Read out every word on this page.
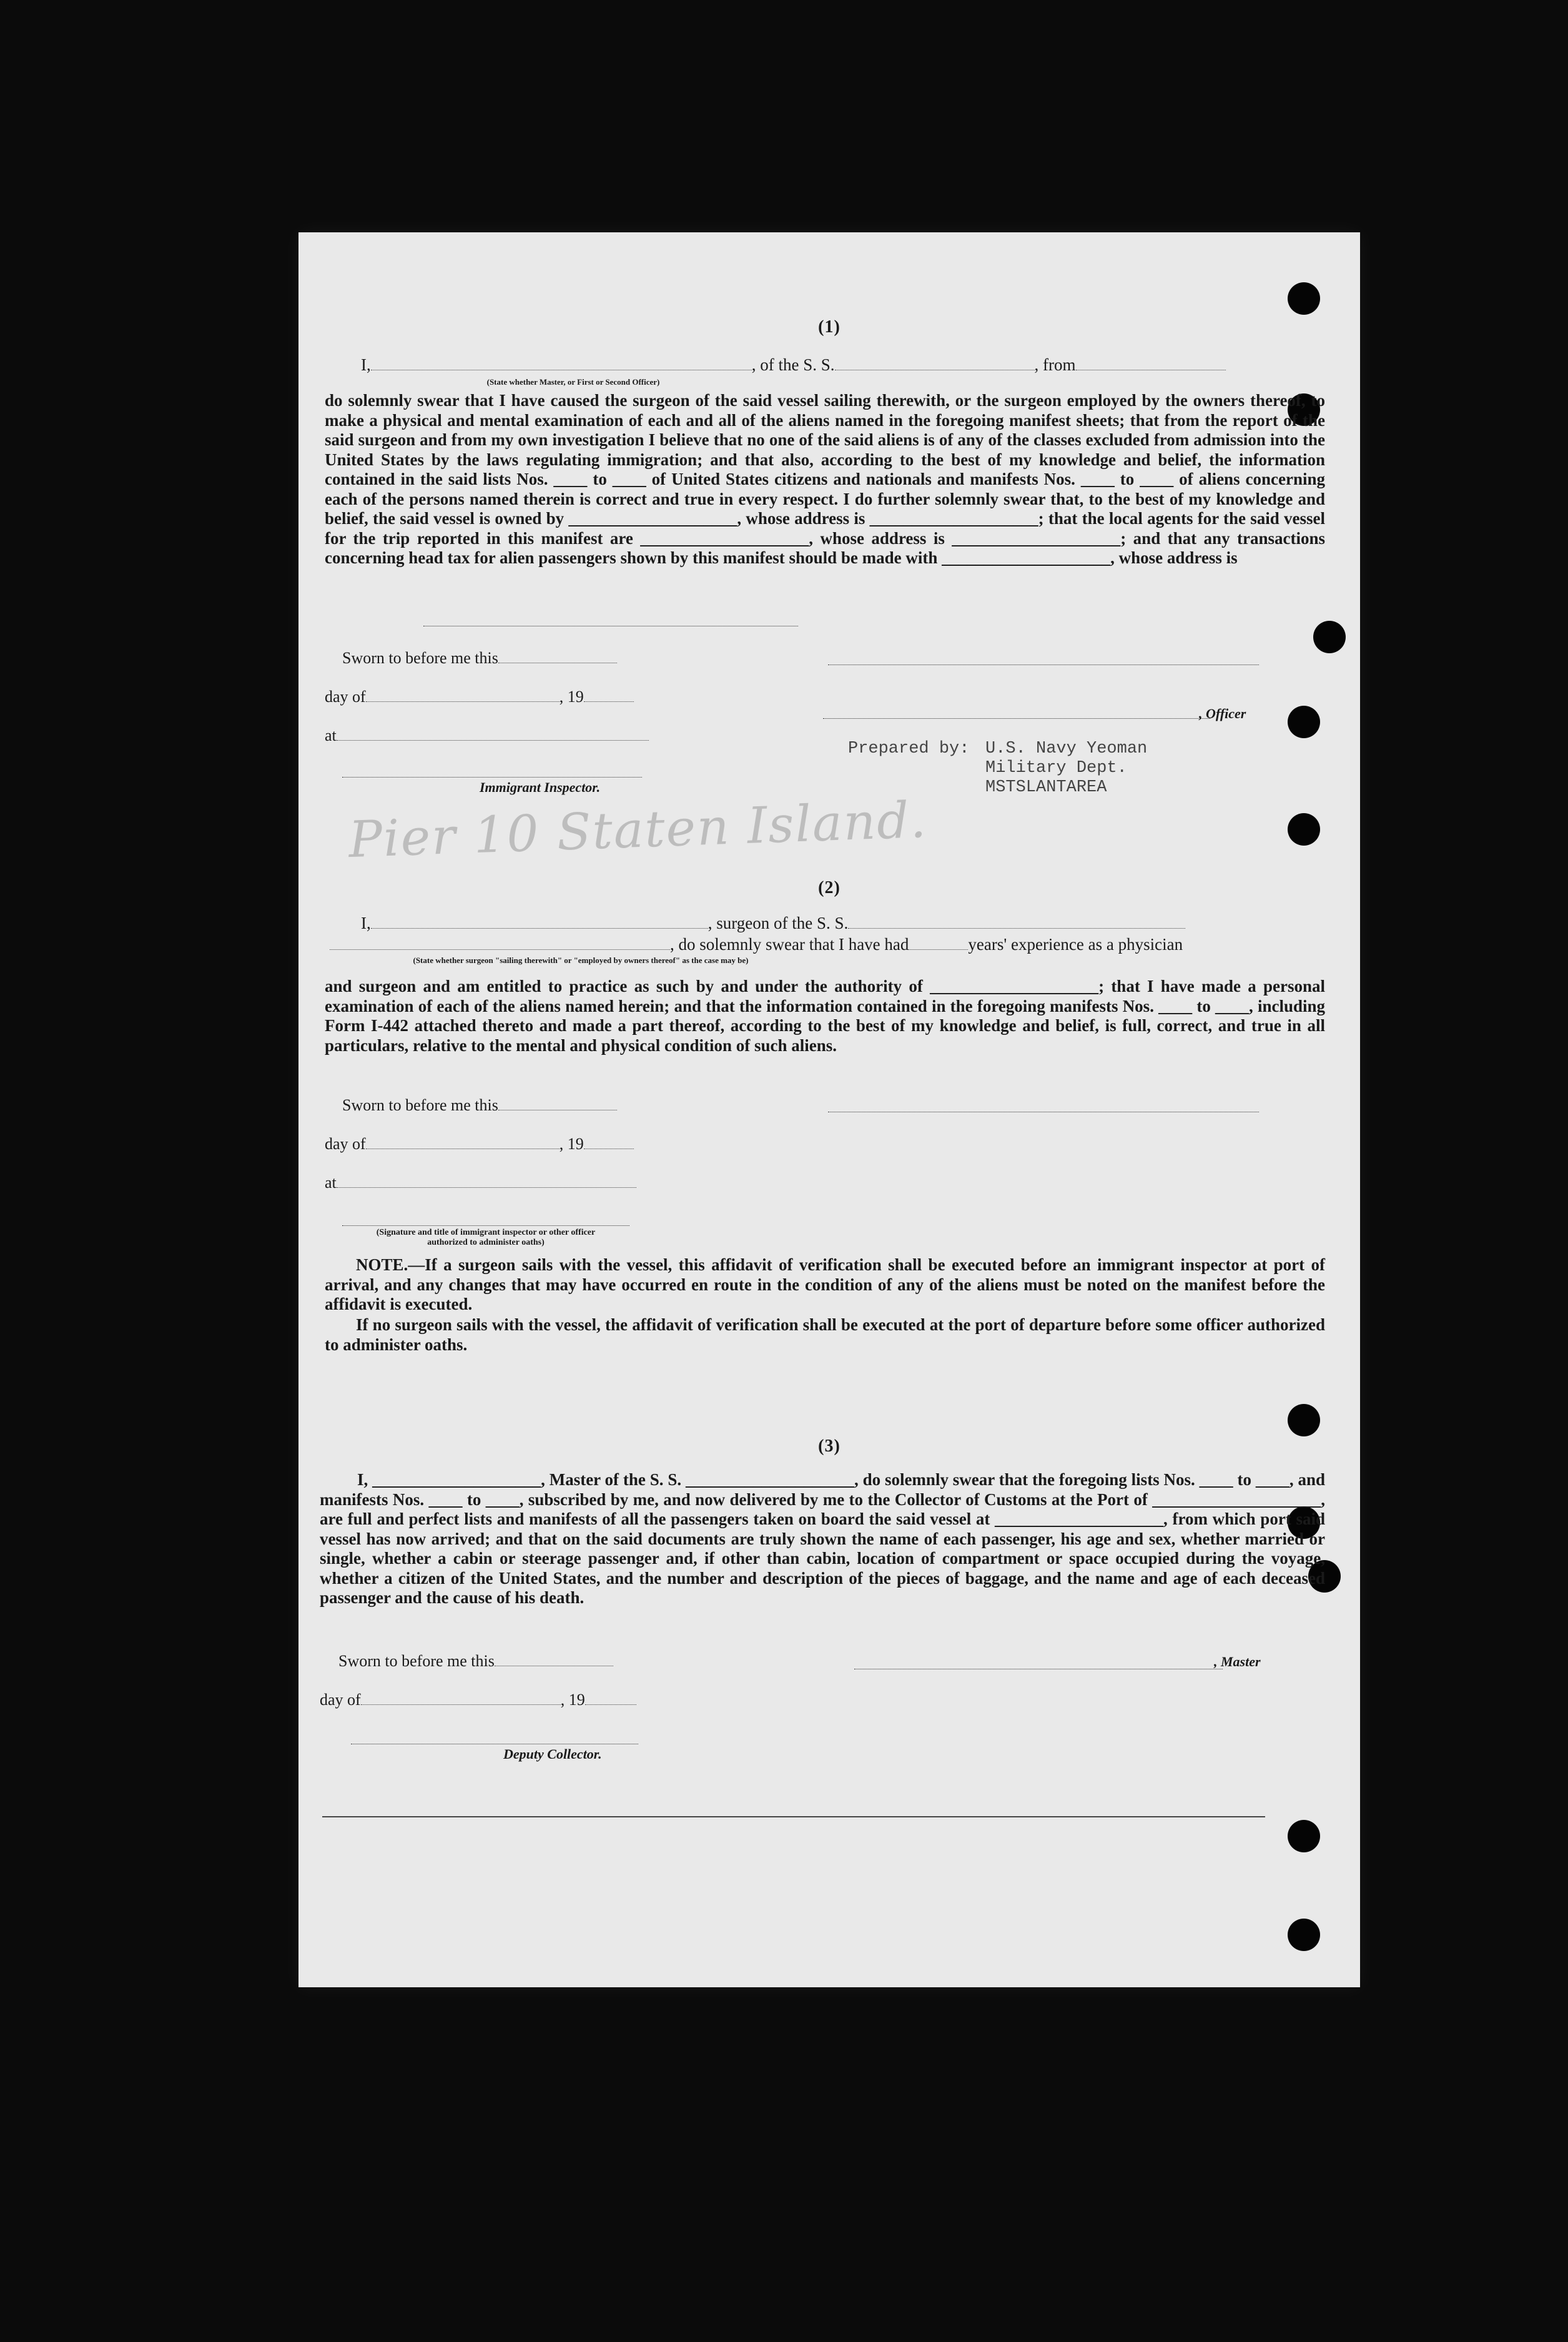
(1)
I,	, of the S. S.	, from
(State whether Master, or First or Second Officer)
do solemnly swear that I have caused the surgeon of the said vessel sailing therewith, or the surgeon employed by the owners thereof, to make a physical and mental examination of each and all of the aliens named in the foregoing manifest sheets; that from the report of the said surgeon and from my own investigation I believe that no one of the said aliens is of any of the classes excluded from admission into the United States by the laws regulating immigration; and that also, according to the best of my knowledge and belief, the information contained in the said lists Nos. ____ to ____ of United States citizens and nationals and manifests Nos. ____ to ____ of aliens concerning each of the persons named therein is correct and true in every respect. I do further solemnly swear that, to the best of my knowledge and belief, the said vessel is owned by ____________________, whose address is ____________________; that the local agents for the said vessel for the trip reported in this manifest are ____________________, whose address is ____________________; and that any transactions concerning head tax for alien passengers shown by this manifest should be made with ____________________, whose address is
Sworn to before me this
day of	, 19
at
Immigrant Inspector.
, Officer
Prepared by: U.S. Navy Yeoman
Military Dept.
MSTSLANTAREA
Pier 10 Staten Island.
(2)
I,	, surgeon of the S. S.
, do solemnly swear that I have had	years' experience as a physician
(State whether surgeon "sailing therewith" or "employed by owners thereof" as the case may be)
and surgeon and am entitled to practice as such by and under the authority of ____________________; that I have made a personal examination of each of the aliens named herein; and that the information contained in the foregoing manifests Nos. ____ to ____, including Form I-442 attached thereto and made a part thereof, according to the best of my knowledge and belief, is full, correct, and true in all particulars, relative to the mental and physical condition of such aliens.
Sworn to before me this
day of	, 19
at
(Signature and title of immigrant inspector or other officer authorized to administer oaths)
NOTE.—If a surgeon sails with the vessel, this affidavit of verification shall be executed before an immigrant inspector at port of arrival, and any changes that may have occurred en route in the condition of any of the aliens must be noted on the manifest before the affidavit is executed.
If no surgeon sails with the vessel, the affidavit of verification shall be executed at the port of departure before some officer authorized to administer oaths.
(3)
I, ____________________, Master of the S. S. ____________________, do solemnly swear that the foregoing lists Nos. ____ to ____, and manifests Nos. ____ to ____, subscribed by me, and now delivered by me to the Collector of Customs at the Port of ____________________, are full and perfect lists and manifests of all the passengers taken on board the said vessel at ____________________, from which port said vessel has now arrived; and that on the said documents are truly shown the name of each passenger, his age and sex, whether married or single, whether a cabin or steerage passenger and, if other than cabin, location of compartment or space occupied during the voyage, whether a citizen of the United States, and the number and description of the pieces of baggage, and the name and age of each deceased passenger and the cause of his death.
Sworn to before me this	, Master
day of	, 19
Deputy Collector.
